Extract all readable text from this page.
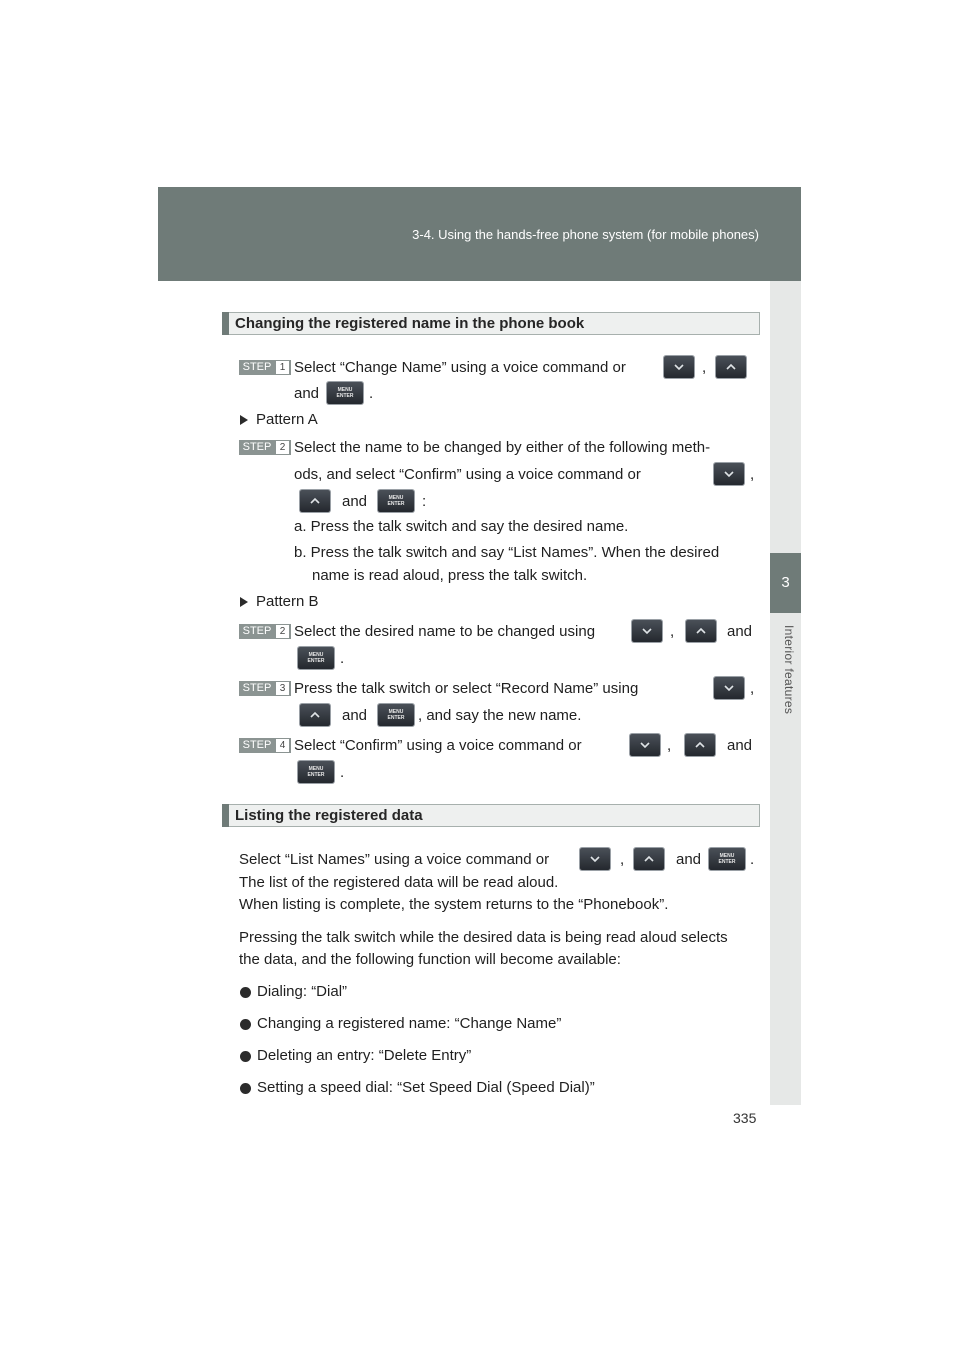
3-4. Using the hands-free phone system (for mobile phones)
3
Interior features
Changing the registered name in the phone book
STEP 1 Select “Change Name” using a voice command or	,
and	MENU
ENTER	.
Pattern A
STEP 2 Select the name to be changed by either of the following meth-
ods, and select “Confirm” using a voice command or	,
and	MENU
ENTER	:
a. Press the talk switch and say the desired name.
b. Press the talk switch and say “List Names”. When the desired
name is read aloud, press the talk switch.
Pattern B
STEP 2 Select the desired name to be changed using	,	and
MENU
ENTER	.
STEP 3 Press the talk switch or select “Record Name” using	,
and	MENU
ENTER , and say the new name.
STEP 4 Select “Confirm” using a voice command or	,	and
MENU
ENTER	.
Listing the registered data
Select “List Names” using a voice command or	,	and	MENU
ENTER .
The list of the registered data will be read aloud.
When listing is complete, the system returns to the “Phonebook”.
Pressing the talk switch while the desired data is being read aloud selects
the data, and the following function will become available:
Dialing: “Dial”
Changing a registered name: “Change Name”
Deleting an entry: “Delete Entry”
Setting a speed dial: “Set Speed Dial (Speed Dial)”
335
